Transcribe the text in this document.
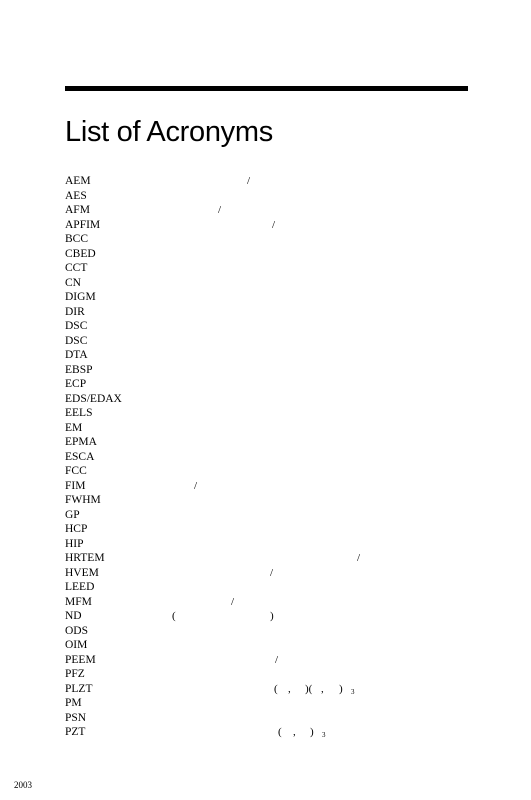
List of Acronyms
AEM	/
AES
AFM	/
APFIM	/
BCC
CBED
CCT
CN
DIGM
DIR
DSC
DSC
DTA
EBSP
ECP
EDS/EDAX
EELS
EM
EPMA
ESCA
FCC
FIM	/
FWHM
GP
HCP
HIP
HRTEM	/
HVEM	/
LEED
MFM	/
ND	(	)
ODS
OIM
PEEM	/
PFZ
PLZT	( , )( , ) 3
PM
PSN
PZT	( , ) 3
2003
